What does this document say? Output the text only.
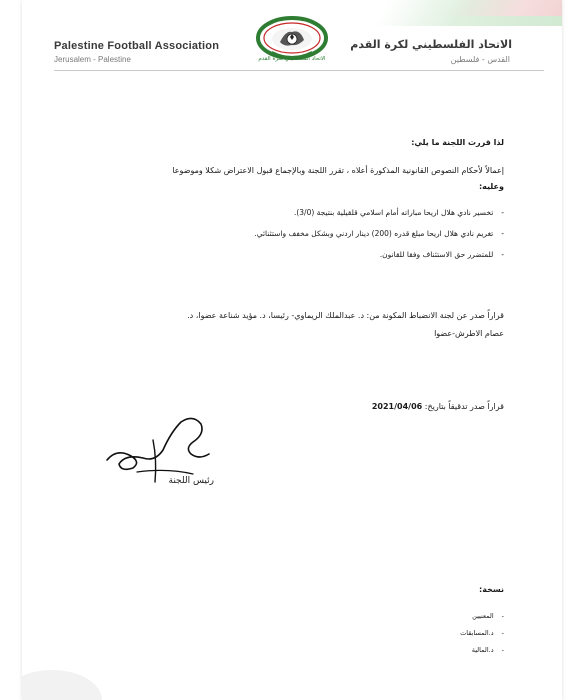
Palestine Football Association
Jerusalem - Palestine
الاتحاد الفلسطيني لكرة القدم
القدس - فلسطين
الاتحاد الفلسطيني لكرة القدم
لذا قررت اللجنة ما يلي:
إعمالاً لأحكام النصوص القانونية المذكورة أعلاه ، تقرر اللجنة وبالإجماع قبول الاعتراض شكلا وموضوعا
وعليه:
-تخسير نادي هلال اريحا مباراته أمام اسلامي قلقيلية بنتيجة (3/0).
-تغريم نادي هلال اريحا مبلغ قدره (200) دينار اردني وبشكل مخفف واستثنائي.
-للمتضرر حق الاستئناف وفقا للقانون.
قراراً صدر عن لجنة الانضباط المكونة من: د. عبدالملك الريماوي- رئيسا، د. مؤيد شناعة عضوا، د.
عصام الاطرش-عضوا
قراراً صدر تدقيقاً بتاريخ: 2021/04/06
رئيس اللجنة
نسخة:
-المعنيين
-د.المسابقات
-د.المالية
